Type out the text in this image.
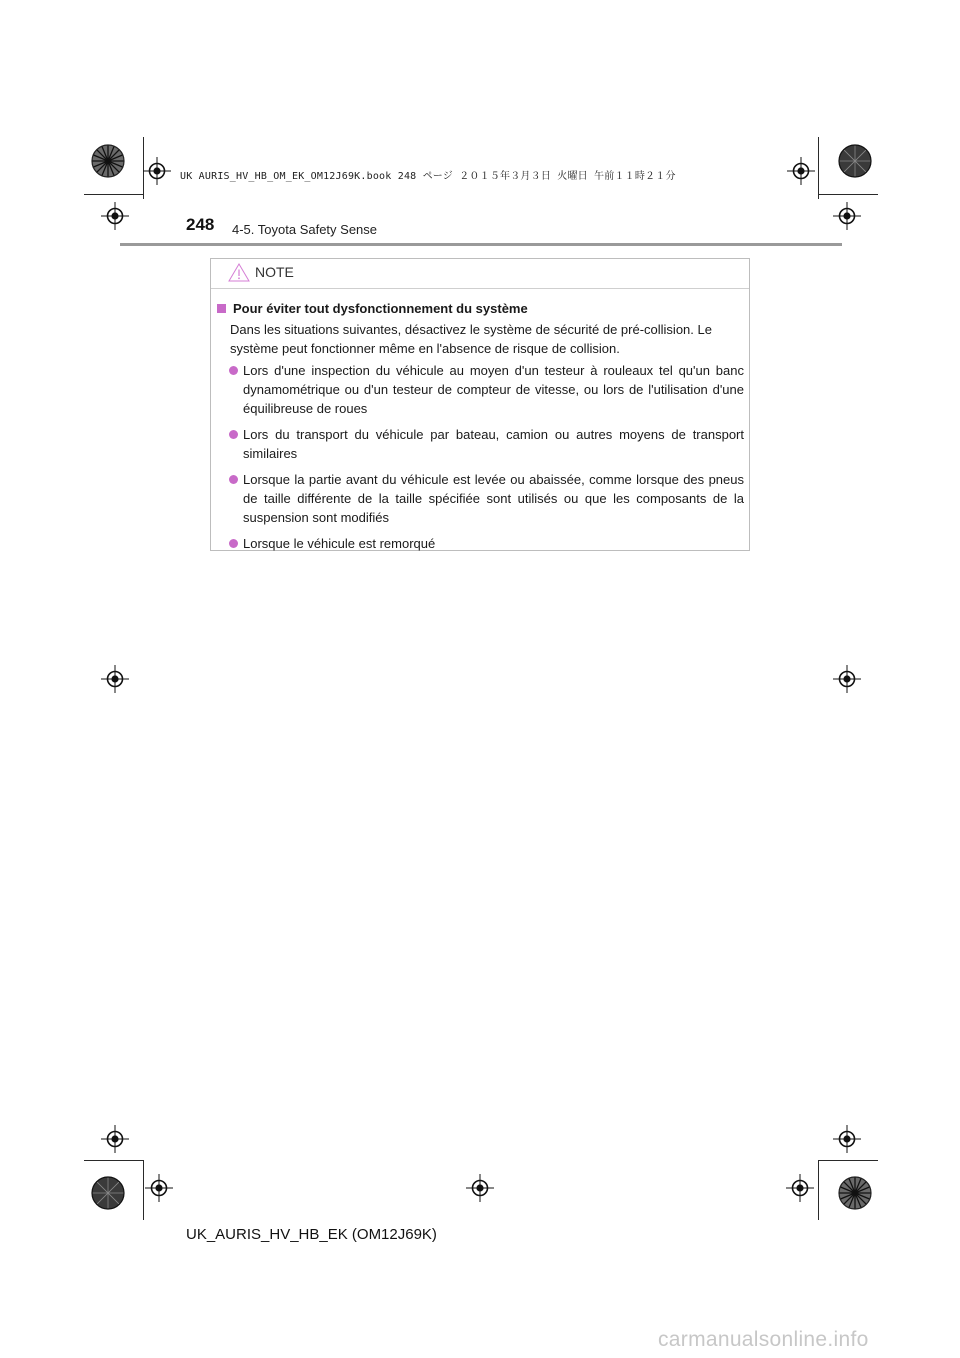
UK AURIS_HV_HB_OM_EK_OM12J69K.book 248 ページ ２０１５年３月３日 火曜日 午前１１時２１分
248 4-5. Toyota Safety Sense
NOTE
Pour éviter tout dysfonctionnement du système
Dans les situations suivantes, désactivez le système de sécurité de pré-collision. Le système peut fonctionner même en l'absence de risque de collision.
Lors d'une inspection du véhicule au moyen d'un testeur à rouleaux tel qu'un banc dynamométrique ou d'un testeur de compteur de vitesse, ou lors de l'utilisation d'une équilibreuse de roues
Lors du transport du véhicule par bateau, camion ou autres moyens de transport similaires
Lorsque la partie avant du véhicule est levée ou abaissée, comme lorsque des pneus de taille différente de la taille spécifiée sont utilisés ou que les composants de la suspension sont modifiés
Lorsque le véhicule est remorqué
UK_AURIS_HV_HB_EK (OM12J69K)
carmanualsonline.info
